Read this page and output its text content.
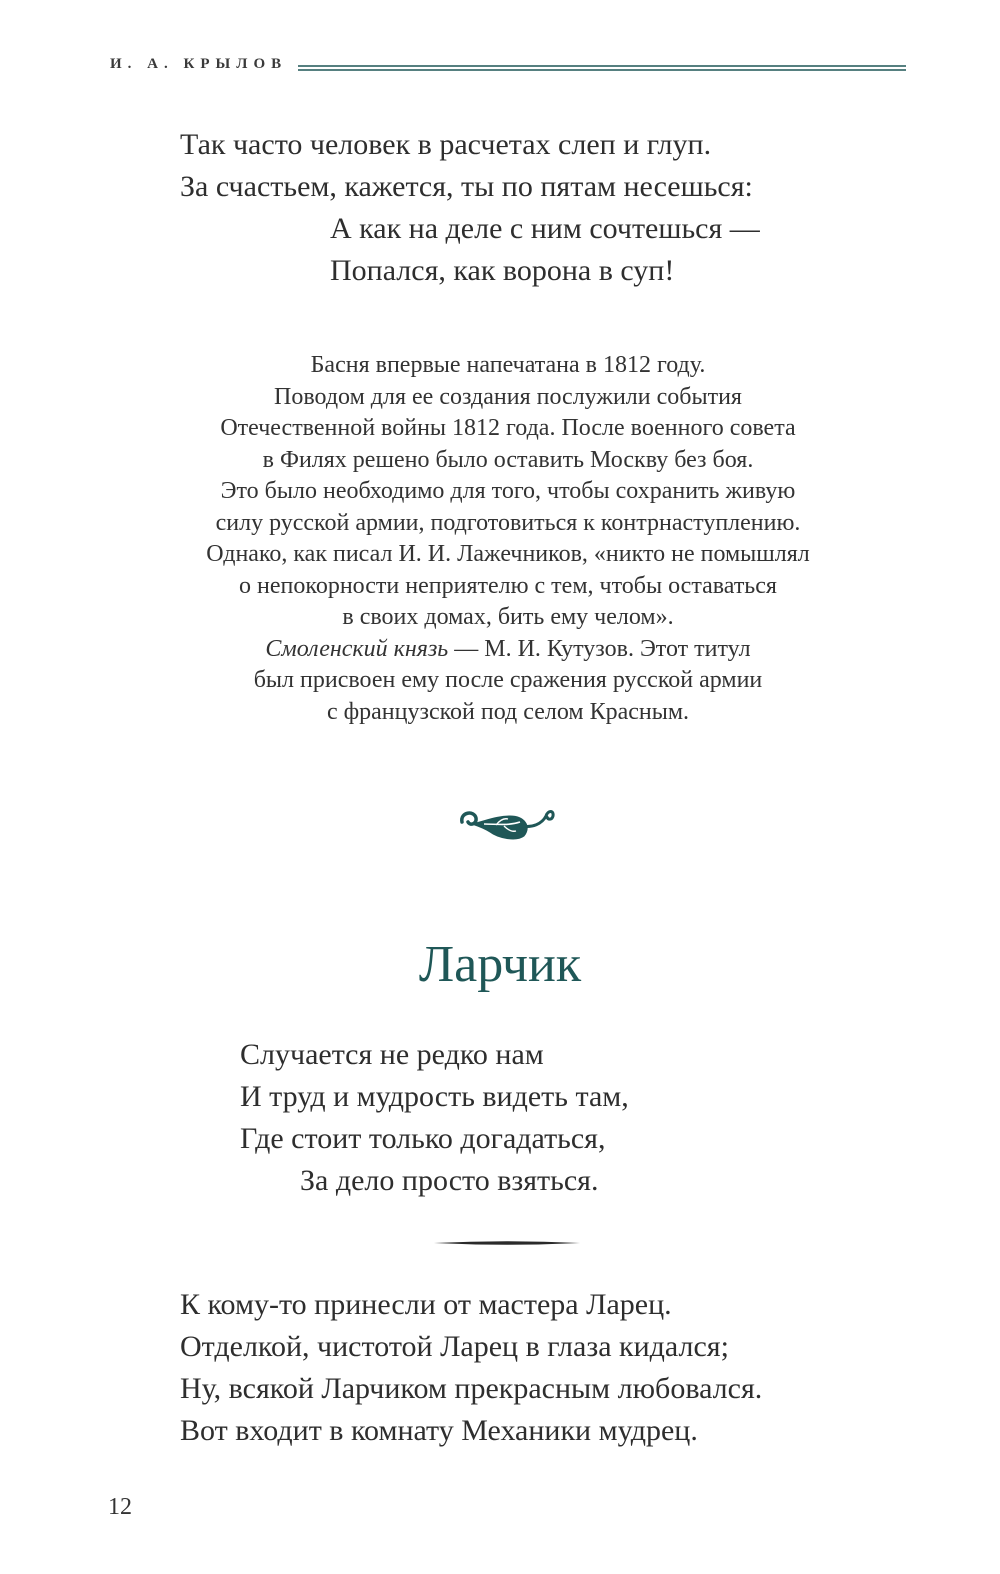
И. А. КРЫЛОВ
Так часто человек в расчетах слеп и глуп.
За счастьем, кажется, ты по пятам несешься:
А как на деле с ним сочтешься —
Попался, как ворона в суп!
Басня впервые напечатана в 1812 году.
Поводом для ее создания послужили события
Отечественной войны 1812 года. После военного совета
в Филях решено было оставить Москву без боя.
Это было необходимо для того, чтобы сохранить живую
силу русской армии, подготовиться к контрнаступлению.
Однако, как писал И. И. Лажечников, «никто не помышлял
о непокорности неприятелю с тем, чтобы оставаться
в своих домах, бить ему челом».
Смоленский князь — М. И. Кутузов. Этот титул
был присвоен ему после сражения русской армии
с французской под селом Красным.
Ларчик
Случается не редко нам
И труд и мудрость видеть там,
Где стоит только догадаться,
За дело просто взяться.
К кому-то принесли от мастера Ларец.
Отделкой, чистотой Ларец в глаза кидался;
Ну, всякой Ларчиком прекрасным любовался.
Вот входит в комнату Механики мудрец.
12
